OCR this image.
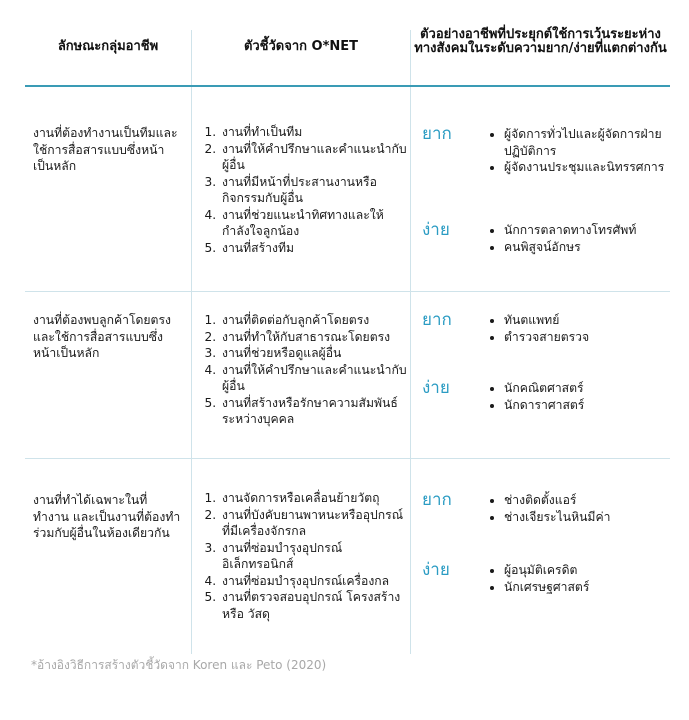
ลักษณะกลุ่มอาชีพ	ตัวชี้วัดจาก O*NET
ตัวอย่างอาชีพที่ประยุกต์ใช้การเว้นระยะห่างทางสังคมในระดับความยาก/ง่ายที่แตกต่างกัน
งานที่ต้องทำงานเป็นทีมและใช้การสื่อสารแบบซึ่งหน้าเป็นหลัก
1. งานที่ทำเป็นทีม
2. งานที่ให้คำปรึกษาและคำแนะนำกับผู้อื่น
3. งานที่มีหน้าที่ประสานงานหรือกิจกรรมกับผู้อื่น
4. งานที่ช่วยแนะนำทิศทางและให้กำลังใจลูกน้อง
5. งานที่สร้างทีม
ยาก	• ผู้จัดการทั่วไปและผู้จัดการฝ่ายปฏิบัติการ
• ผู้จัดงานประชุมและนิทรรศการ
ง่าย	• นักการตลาดทางโทรศัพท์
• คนพิสูจน์อักษร
งานที่ต้องพบลูกค้าโดยตรงและใช้การสื่อสารแบบซึ่งหน้าเป็นหลัก
1. งานที่ติดต่อกับลูกค้าโดยตรง
2. งานที่ทำให้กับสาธารณะโดยตรง
3. งานที่ช่วยหรือดูแลผู้อื่น
4. งานที่ให้คำปรึกษาและคำแนะนำกับผู้อื่น
5. งานที่สร้างหรือรักษาความสัมพันธ์ระหว่างบุคคล
ยาก	• ทันตแพทย์
• ตำรวจสายตรวจ
ง่าย	• นักคณิตศาสตร์
• นักดาราศาสตร์
งานที่ทำได้เฉพาะในที่ทำงาน และเป็นงานที่ต้องทำร่วมกับผู้อื่นในห้องเดียวกัน
1. งานจัดการหรือเคลื่อนย้ายวัตถุ
2. งานที่บังคับยานพาหนะหรืออุปกรณ์ที่มีเครื่องจักรกล
3. งานที่ซ่อมบำรุงอุปกรณ์อิเล็กทรอนิกส์
4. งานที่ซ่อมบำรุงอุปกรณ์เครื่องกล
5. งานที่ตรวจสอบอุปกรณ์ โครงสร้าง หรือ วัสดุ
ยาก	• ช่างติดตั้งแอร์
• ช่างเจียระไนหินมีค่า
ง่าย	• ผู้อนุมัติเครดิต
• นักเศรษฐศาสตร์
*อ้างอิงวิธีการสร้างตัวชี้วัดจาก Koren และ Peto (2020)
